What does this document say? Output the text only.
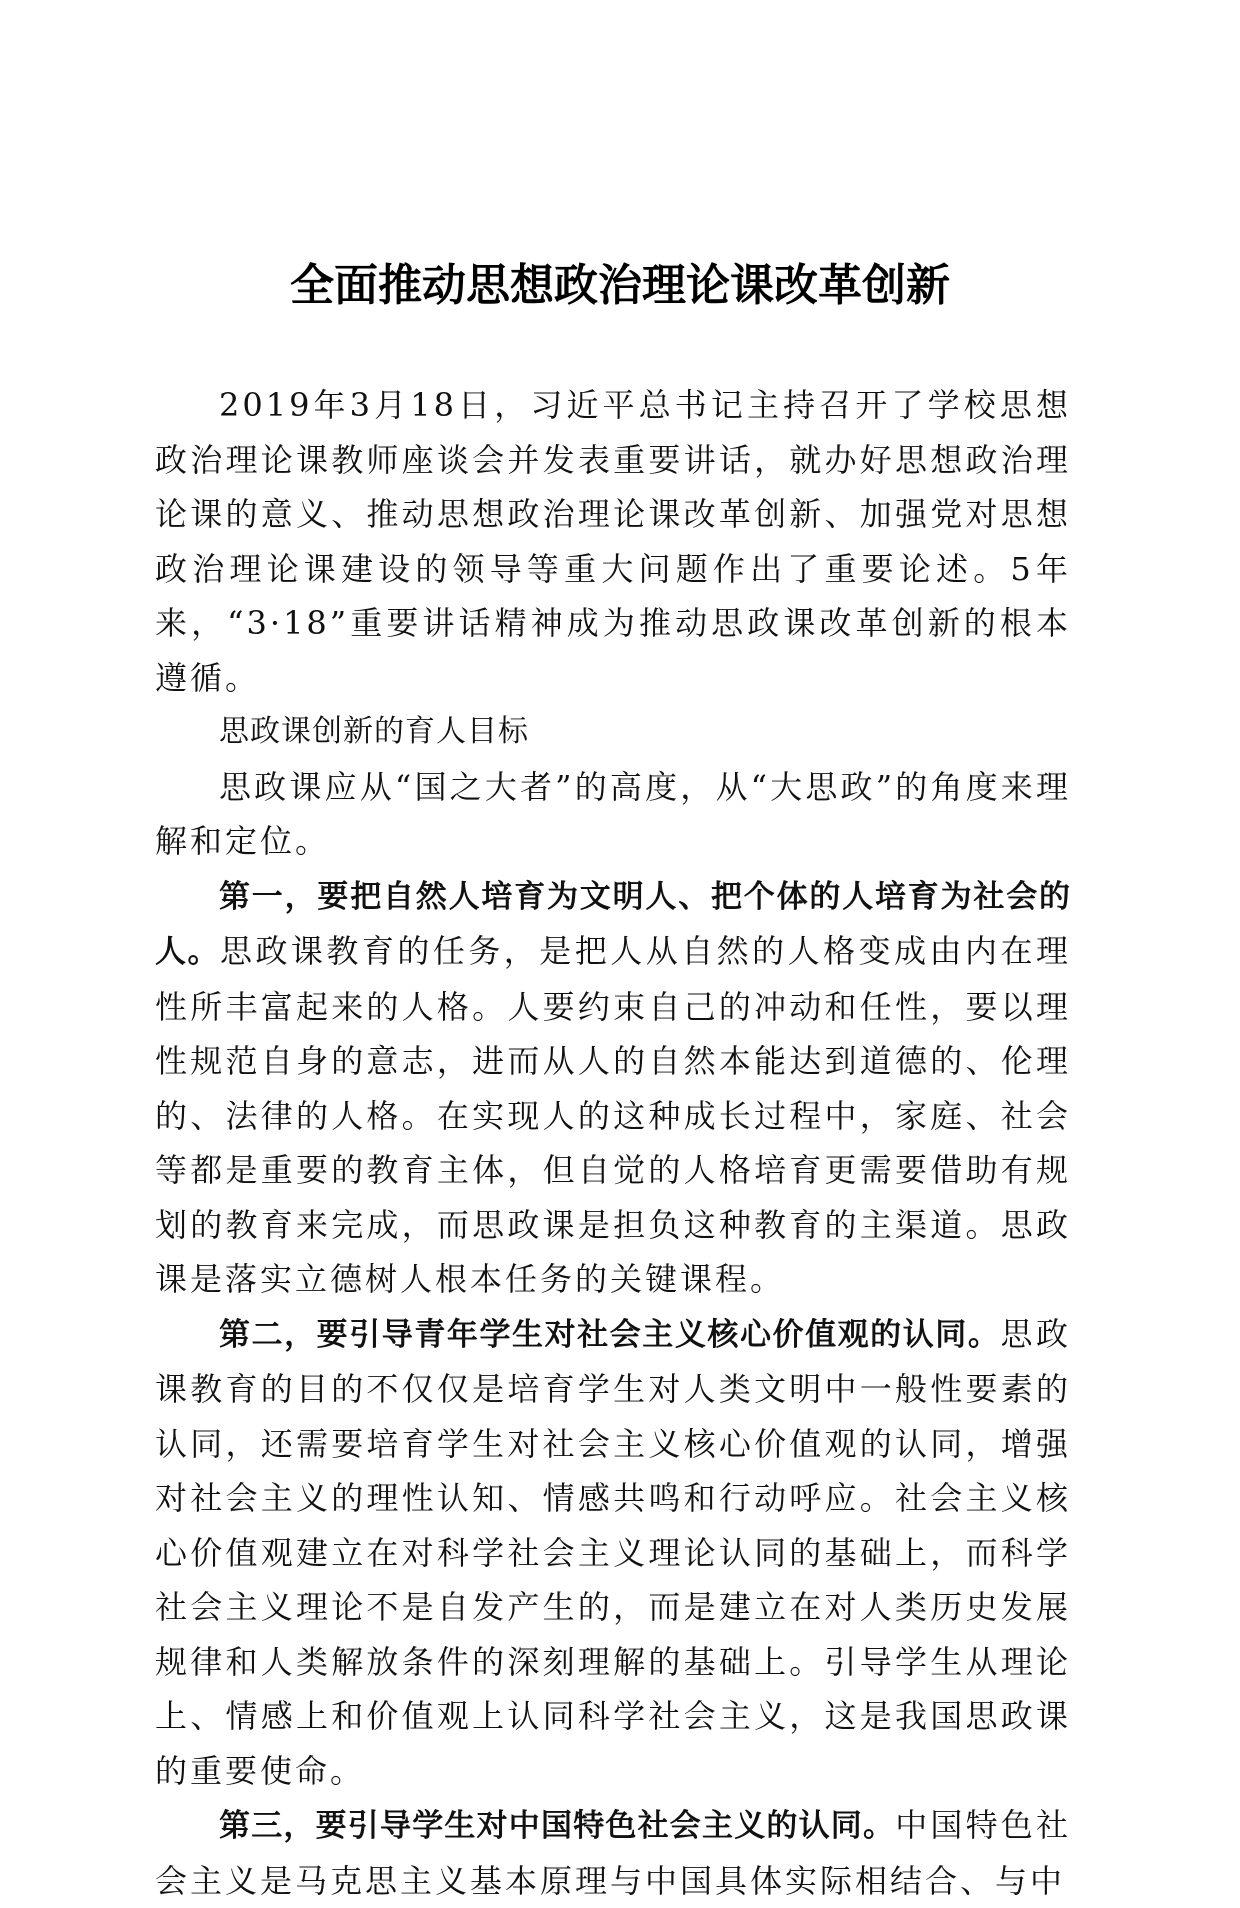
全面推动思想政治理论课改革创新

2019年3月18日，习近平总书记主持召开了学校思想政治理论课教师座谈会并发表重要讲话，就办好思想政治理论课的意义、推动思想政治理论课改革创新、加强党对思想政治理论课建设的领导等重大问题作出了重要论述。5年来，“3·18”重要讲话精神成为推动思政课改革创新的根本遵循。

思政课创新的育人目标

思政课应从“国之大者”的高度，从“大思政”的角度来理解和定位。

第一，要把自然人培育为文明人、把个体的人培育为社会的人。思政课教育的任务，是把人从自然的人格变成由内在理性所丰富起来的人格。人要约束自己的冲动和任性，要以理性规范自身的意志，进而从人的自然本能达到道德的、伦理的、法律的人格。在实现人的这种成长过程中，家庭、社会等都是重要的教育主体，但自觉的人格培育更需要借助有规划的教育来完成，而思政课是担负这种教育的主渠道。思政课是落实立德树人根本任务的关键课程。

第二，要引导青年学生对社会主义核心价值观的认同。思政课教育的目的不仅仅是培育学生对人类文明中一般性要素的认同，还需要培育学生对社会主义核心价值观的认同，增强对社会主义的理性认知、情感共鸣和行动呼应。社会主义核心价值观建立在对科学社会主义理论认同的基础上，而科学社会主义理论不是自发产生的，而是建立在对人类历史发展规律和人类解放条件的深刻理解的基础上。引导学生从理论上、情感上和价值观上认同科学社会主义，这是我国思政课的重要使命。

第三，要引导学生对中国特色社会主义的认同。中国特色社会主义是马克思主义基本原理与中国具体实际相结合、与中
